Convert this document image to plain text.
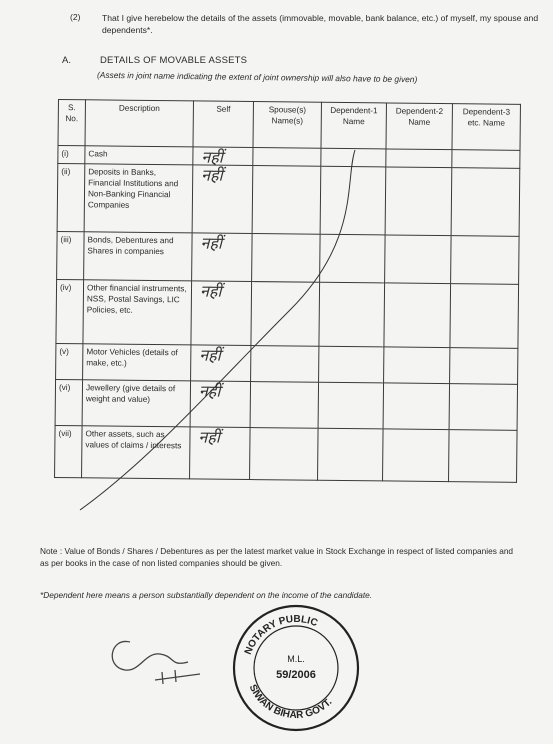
(2) That I give herebelow the details of the assets (immovable, movable, bank balance, etc.) of myself, my spouse and dependents*.
A.	DETAILS OF MOVABLE ASSETS
(Assets in joint name indicating the extent of joint ownership will also have to be given)
S. No.	Description	Self	Spouse(s) Name(s)	Dependent-1 Name	Dependent-2 Name	Dependent-3 etc. Name
(i)	Cash	नहीं				

(ii)	Deposits in Banks, Financial Institutions and Non-Banking Financial Companies	नहीं				

(iii)	Bonds, Debentures and Shares in companies	नहीं				

(iv)	Other financial instruments, NSS, Postal Savings, LIC Policies, etc.	नहीं				

(v)	Motor Vehicles (details of make, etc.)	नहीं				

(vi)	Jewellery (give details of weight and value)	नहीं				

(vii)	Other assets, such as values of claims / interests	नहीं				

Note : Value of Bonds / Shares / Debentures as per the latest market value in Stock Exchange in respect of listed companies and as per books in the case of non listed companies should be given.
*Dependent here means a person substantially dependent on the income of the candidate.
NOTARY PUBLIC
SIWAN BIHAR GOVT.
M.L.
59/2006
